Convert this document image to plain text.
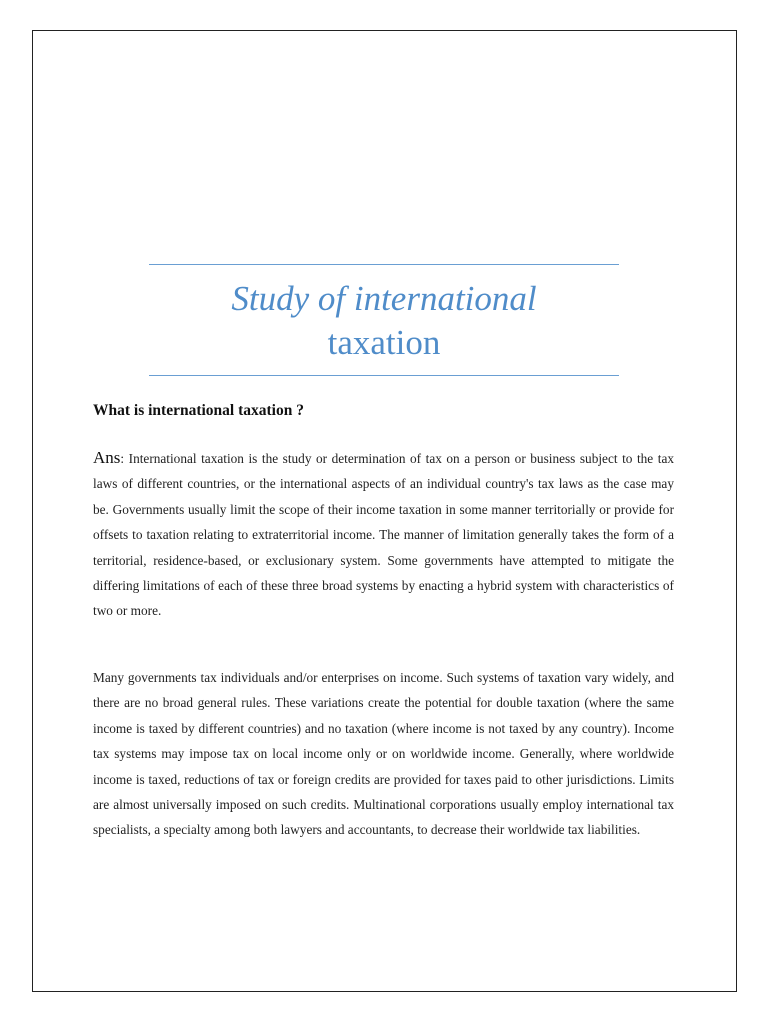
Study of international
taxation
What is international taxation ?

Ans: International taxation is the study or determination of tax on a person or business subject to the tax laws of different countries, or the international aspects of an individual country's tax laws as the case may be. Governments usually limit the scope of their income taxation in some manner territorially or provide for offsets to taxation relating to extraterritorial income. The manner of limitation generally takes the form of a territorial, residence-based, or exclusionary system. Some governments have attempted to mitigate the differing limitations of each of these three broad systems by enacting a hybrid system with characteristics of two or more.

Many governments tax individuals and/or enterprises on income. Such systems of taxation vary widely, and there are no broad general rules. These variations create the potential for double taxation (where the same income is taxed by different countries) and no taxation (where income is not taxed by any country). Income tax systems may impose tax on local income only or on worldwide income. Generally, where worldwide income is taxed, reductions of tax or foreign credits are provided for taxes paid to other jurisdictions. Limits are almost universally imposed on such credits. Multinational corporations usually employ international tax specialists, a specialty among both lawyers and accountants, to decrease their worldwide tax liabilities.
